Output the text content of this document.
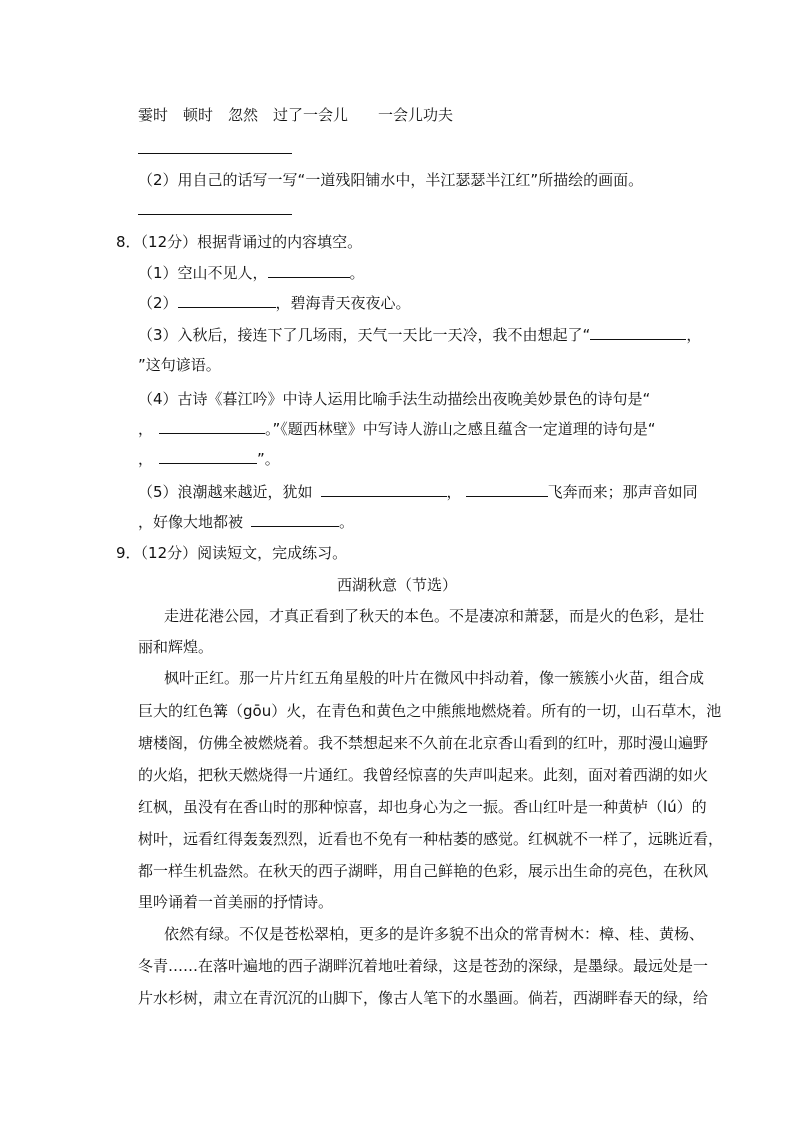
霎时　顿时　忽然　过了一会儿　　一会儿功夫
（2）用自己的话写一写“一道残阳铺水中，半江瑟瑟半江红”所描绘的画面。
8．（12分）根据背诵过的内容填空。
（1）空山不见人，	。
（2）	，碧海青天夜夜心。
（3）入秋后，接连下了几场雨，天气一天比一天冷，我不由想起了“	，
”这句谚语。
（4）古诗《暮江吟》中诗人运用比喻手法生动描绘出夜晚美妙景色的诗句是“
，	。”《题西林壁》中写诗人游山之感且蕴含一定道理的诗句是“
，	”。
（5）浪潮越来越近，犹如	，	飞奔而来；那声音如同
，好像大地都被	。
9．（12分）阅读短文，完成练习。
西湖秋意（节选）
走进花港公园，才真正看到了秋天的本色。不是凄凉和萧瑟，而是火的色彩，是壮
丽和辉煌。
枫叶正红。那一片片红五角星般的叶片在微风中抖动着，像一簇簇小火苗，组合成
巨大的红色篝（gōu）火，在青色和黄色之中熊熊地燃烧着。所有的一切，山石草木，池
塘楼阁，仿佛全被燃烧着。我不禁想起来不久前在北京香山看到的红叶，那时漫山遍野
的火焰，把秋天燃烧得一片通红。我曾经惊喜的失声叫起来。此刻，面对着西湖的如火
红枫，虽没有在香山时的那种惊喜，却也身心为之一振。香山红叶是一种黄栌（lú）的
树叶，远看红得轰轰烈烈，近看也不免有一种枯萎的感觉。红枫就不一样了，远眺近看，
都一样生机盎然。在秋天的西子湖畔，用自己鲜艳的色彩，展示出生命的亮色，在秋风
里吟诵着一首美丽的抒情诗。
依然有绿。不仅是苍松翠柏，更多的是许多貌不出众的常青树木：樟、桂、黄杨、
冬青……在落叶遍地的西子湖畔沉着地吐着绿，这是苍劲的深绿，是墨绿。最远处是一
片水杉树，肃立在青沉沉的山脚下，像古人笔下的水墨画。倘若，西湖畔春天的绿，给
